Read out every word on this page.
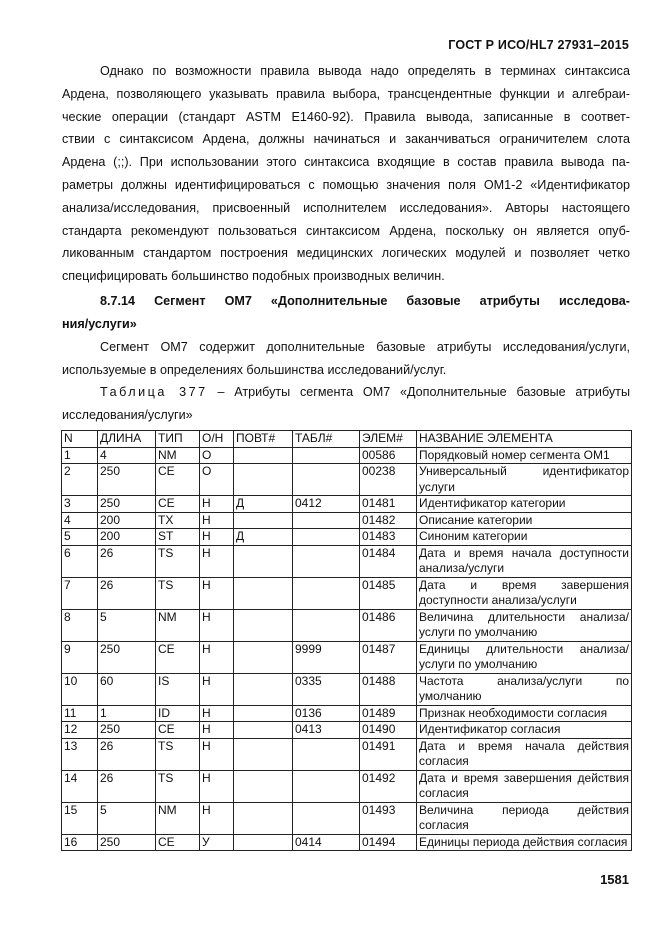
ГОСТ Р ИСО/HL7 27931–2015
Однако по возможности правила вывода надо определять в терминах синтаксиса
Ардена, позволяющего указывать правила выбора, трансцендентные функции и алгебраи-
ческие операции (стандарт ASTM E1460-92). Правила вывода, записанные в соответ-
ствии с синтаксисом Ардена, должны начинаться и заканчиваться ограничителем слота
Ардена (;;). При использовании этого синтаксиса входящие в состав правила вывода па-
раметры должны идентифицироваться с помощью значения поля OM1-2 «Идентификатор
анализа/исследования, присвоенный исполнителем исследования». Авторы настоящего
стандарта рекомендуют пользоваться синтаксисом Ардена, поскольку он является опуб-
ликованным стандартом построения медицинских логических модулей и позволяет четко
специфицировать большинство подобных производных величин.
8.7.14 Сегмент OM7 «Дополнительные базовые атрибуты исследова-
ния/услуги»
Сегмент OM7 содержит дополнительные базовые атрибуты исследования/услуги,
используемые в определениях большинства исследований/услуг.
Таблица 377 – Атрибуты сегмента OM7 «Дополнительные базовые атрибуты
исследования/услуги»
N	ДЛИНА	ТИП	О/Н	ПОВТ#	ТАБЛ#	ЭЛЕМ#	НАЗВАНИЕ ЭЛЕМЕНТА
1	4	NM	О			00586	Порядковый номер сегмента OM1
2	250	CE	О			00238	Универсальный идентификатор услуги
3	250	CE	Н	Д	0412	01481	Идентификатор категории
4	200	TX	Н			01482	Описание категории
5	200	ST	Н	Д		01483	Синоним категории
6	26	TS	Н			01484	Дата и время начала доступности анализа/услуги
7	26	TS	Н			01485	Дата и время завершения доступности анализа/услуги
8	5	NM	Н			01486	Величина длительности анализа/услуги по умолчанию
9	250	CE	Н		9999	01487	Единицы длительности анализа/услуги по умолчанию
10	60	IS	Н		0335	01488	Частота анализа/услуги по умолчанию
11	1	ID	Н		0136	01489	Признак необходимости согласия
12	250	CE	Н		0413	01490	Идентификатор согласия
13	26	TS	Н			01491	Дата и время начала действия согласия
14	26	TS	Н			01492	Дата и время завершения действия согласия
15	5	NM	Н			01493	Величина периода действия согласия
16	250	CE	У		0414	01494	Единицы периода действия согласия
1581
